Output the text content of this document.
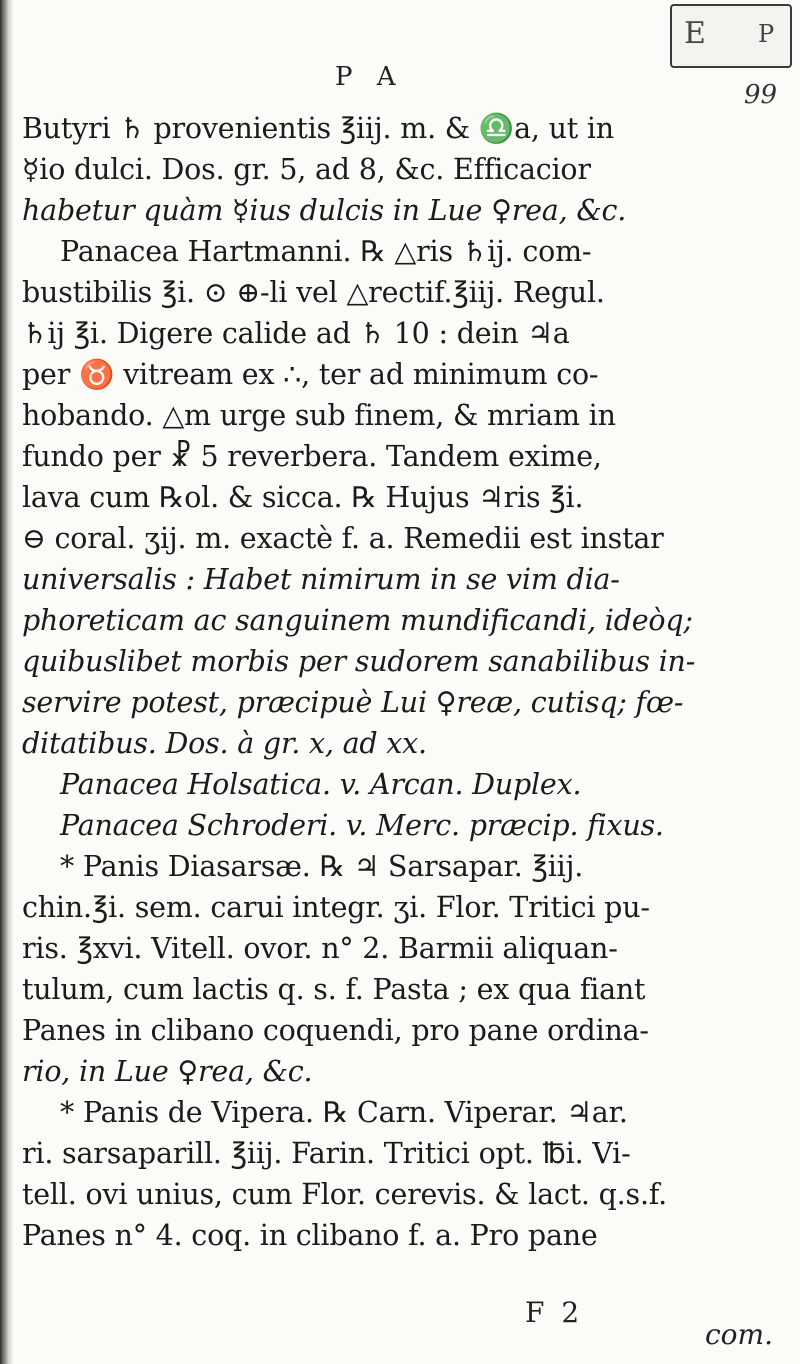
E P
P A
99
Butyri ♄ provenientis ℥iij. m. & ♎a, ut in
☿io dulci. Dos. gr. 5, ad 8, &c. Efficacior
habetur quàm ☿ius dulcis in Lue ♀rea, &c.
Panacea Hartmanni. ℞ △ris ♄ij. com-
bustibilis ℥i. ⊙ ⊕-li vel △rectif.℥iij. Regul.
♄ij ℥i. Digere calide ad ♄ 10 : dein ♃a
per ♉ vitream ex ∴, ter ad minimum co-
hobando. △m urge sub finem, & mriam in
fundo per ☧ 5 reverbera. Tandem exime,
lava cum ℞ol. & sicca. ℞ Hujus ♃ris ℥i.
⊖ coral. ʒij. m. exactè f. a. Remedii est instar
universalis : Habet nimirum in se vim dia-
phoreticam ac sanguinem mundificandi, ideòq;
quibuslibet morbis per sudorem sanabilibus in-
servire potest, præcipuè Lui ♀reæ, cutisq; fœ-
ditatibus. Dos. à gr. x, ad xx.
Panacea Holsatica. v. Arcan. Duplex.
Panacea Schroderi. v. Merc. præcip. fixus.
* Panis Diasarsæ. ℞ ♃ Sarsapar. ℥iij.
chin.℥i. sem. carui integr. ʒi. Flor. Tritici pu-
ris. ℥xvi. Vitell. ovor. n° 2. Barmii aliquan-
tulum, cum lactis q. s. f. Pasta ; ex qua fiant
Panes in clibano coquendi, pro pane ordina-
rio, in Lue ♀rea, &c.
* Panis de Vipera. ℞ Carn. Viperar. ♃ar.
ri. sarsaparill. ℥iij. Farin. Tritici opt. ℔i. Vi-
tell. ovi unius, cum Flor. cerevis. & lact. q.s.f.
Panes n° 4. coq. in clibano f. a. Pro pane
F 2
com.
